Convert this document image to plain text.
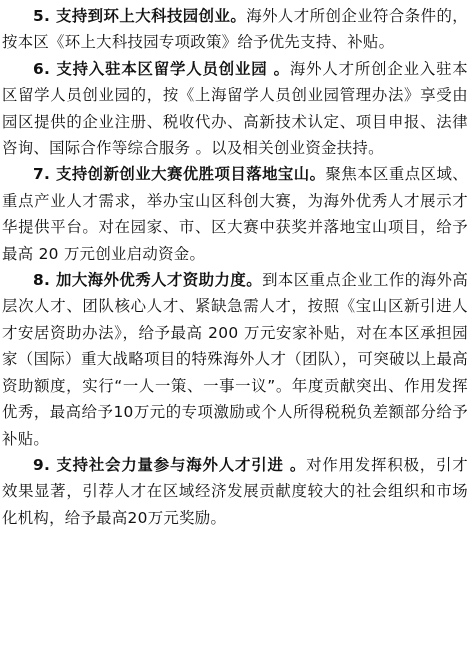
5. 支持到环上大科技园创业。海外人才所创企业符合条件的，按本区《环上大科技园专项政策》给予优先支持、补贴。

6. 支持入驻本区留学人员创业园 。海外人才所创企业入驻本区留学人员创业园的，按《上海留学人员创业园管理办法》享受由园区提供的企业注册、税收代办、高新技术认定、项目申报、法律咨询、国际合作等综合服务 。以及相关创业资金扶持。

7. 支持创新创业大赛优胜项目落地宝山。聚焦本区重点区域、重点产业人才需求，举办宝山区科创大赛，为海外优秀人才展示才华提供平台。对在园家、市、区大赛中获奖并落地宝山项目，给予最高 20 万元创业启动资金。

8. 加大海外优秀人才资助力度。到本区重点企业工作的海外高层次人才、团队核心人才、紧缺急需人才，按照《宝山区新引进人才安居资助办法》，给予最高 200 万元安家补贴，对在本区承担园家（国际）重大战略项目的特殊海外人才（团队），可突破以上最高资助额度，实行“一人一策、一事一议”。年度贡献突出、作用发挥优秀，最高给予10万元的专项激励或个人所得税税负差额部分给予补贴。

9. 支持社会力量参与海外人才引进 。对作用发挥积极，引才效果显著，引荐人才在区域经济发展贡献度较大的社会组织和市场化机构，给予最高20万元奖励。
